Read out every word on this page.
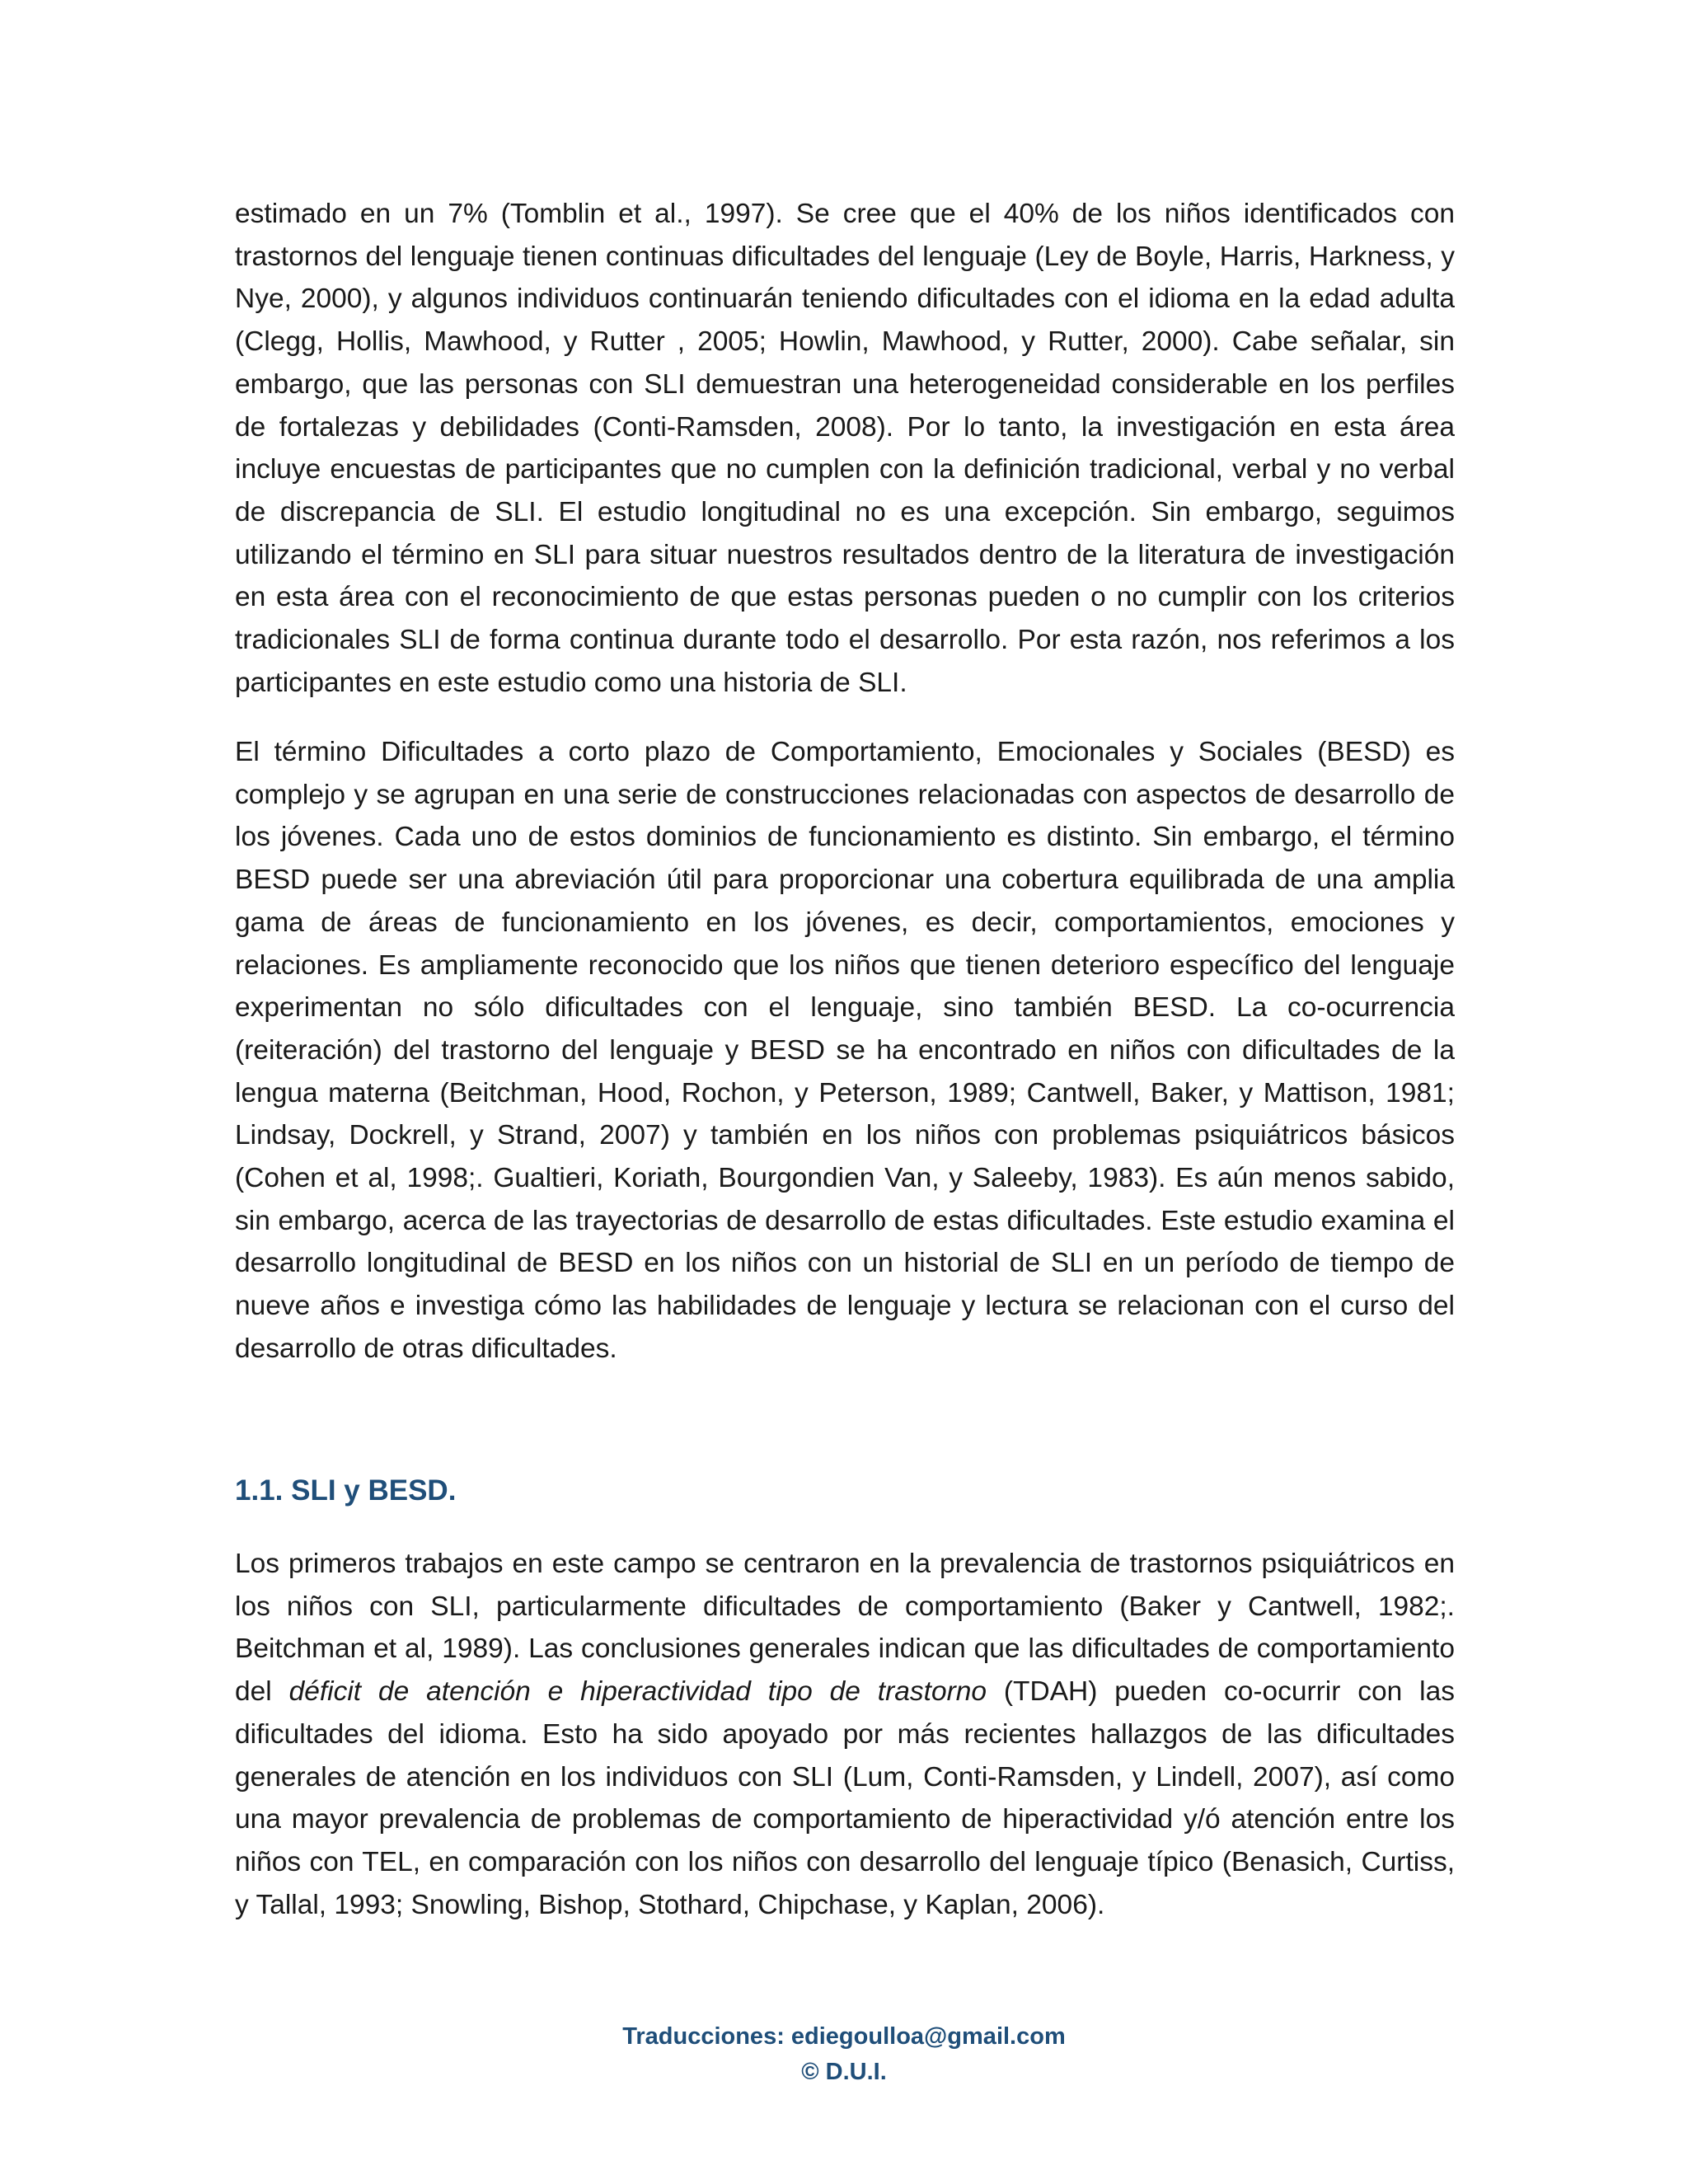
estimado en un 7% (Tomblin et al., 1997). Se cree que el 40% de los niños identificados con trastornos del lenguaje tienen continuas dificultades del lenguaje (Ley de Boyle, Harris, Harkness, y Nye, 2000), y algunos individuos continuarán teniendo dificultades con el idioma en la edad adulta (Clegg, Hollis, Mawhood, y Rutter , 2005; Howlin, Mawhood, y Rutter, 2000). Cabe señalar, sin embargo, que las personas con SLI demuestran una heterogeneidad considerable en los perfiles de fortalezas y debilidades (Conti-Ramsden, 2008). Por lo tanto, la investigación en esta área incluye encuestas de participantes que no cumplen con la definición tradicional, verbal y no verbal de discrepancia de SLI. El estudio longitudinal no es una excepción. Sin embargo, seguimos utilizando el término en SLI para situar nuestros resultados dentro de la literatura de investigación en esta área con el reconocimiento de que estas personas pueden o no cumplir con los criterios tradicionales SLI de forma continua durante todo el desarrollo. Por esta razón, nos referimos a los participantes en este estudio como una historia de SLI.

El término Dificultades a corto plazo de Comportamiento, Emocionales y Sociales (BESD) es complejo y se agrupan en una serie de construcciones relacionadas con aspectos de desarrollo de los jóvenes. Cada uno de estos dominios de funcionamiento es distinto. Sin embargo, el término BESD puede ser una abreviación útil para proporcionar una cobertura equilibrada de una amplia gama de áreas de funcionamiento en los jóvenes, es decir, comportamientos, emociones y relaciones. Es ampliamente reconocido que los niños que tienen deterioro específico del lenguaje experimentan no sólo dificultades con el lenguaje, sino también BESD. La co-ocurrencia (reiteración) del trastorno del lenguaje y BESD se ha encontrado en niños con dificultades de la lengua materna (Beitchman, Hood, Rochon, y Peterson, 1989; Cantwell, Baker, y Mattison, 1981; Lindsay, Dockrell, y Strand, 2007) y también en los niños con problemas psiquiátricos básicos (Cohen et al, 1998;. Gualtieri, Koriath, Bourgondien Van, y Saleeby, 1983). Es aún menos sabido, sin embargo, acerca de las trayectorias de desarrollo de estas dificultades. Este estudio examina el desarrollo longitudinal de BESD en los niños con un historial de SLI en un período de tiempo de nueve años e investiga cómo las habilidades de lenguaje y lectura se relacionan con el curso del desarrollo de otras dificultades.

1.1. SLI y BESD.

Los primeros trabajos en este campo se centraron en la prevalencia de trastornos psiquiátricos en los niños con SLI, particularmente dificultades de comportamiento (Baker y Cantwell, 1982;. Beitchman et al, 1989). Las conclusiones generales indican que las dificultades de comportamiento del déficit de atención e hiperactividad tipo de trastorno (TDAH) pueden co-ocurrir con las dificultades del idioma. Esto ha sido apoyado por más recientes hallazgos de las dificultades generales de atención en los individuos con SLI (Lum, Conti-Ramsden, y Lindell, 2007), así como una mayor prevalencia de problemas de comportamiento de hiperactividad y/ó atención entre los niños con TEL, en comparación con los niños con desarrollo del lenguaje típico (Benasich, Curtiss, y Tallal, 1993; Snowling, Bishop, Stothard, Chipchase, y Kaplan, 2006).

Traducciones: ediegoulloa@gmail.com
© D.U.I.
